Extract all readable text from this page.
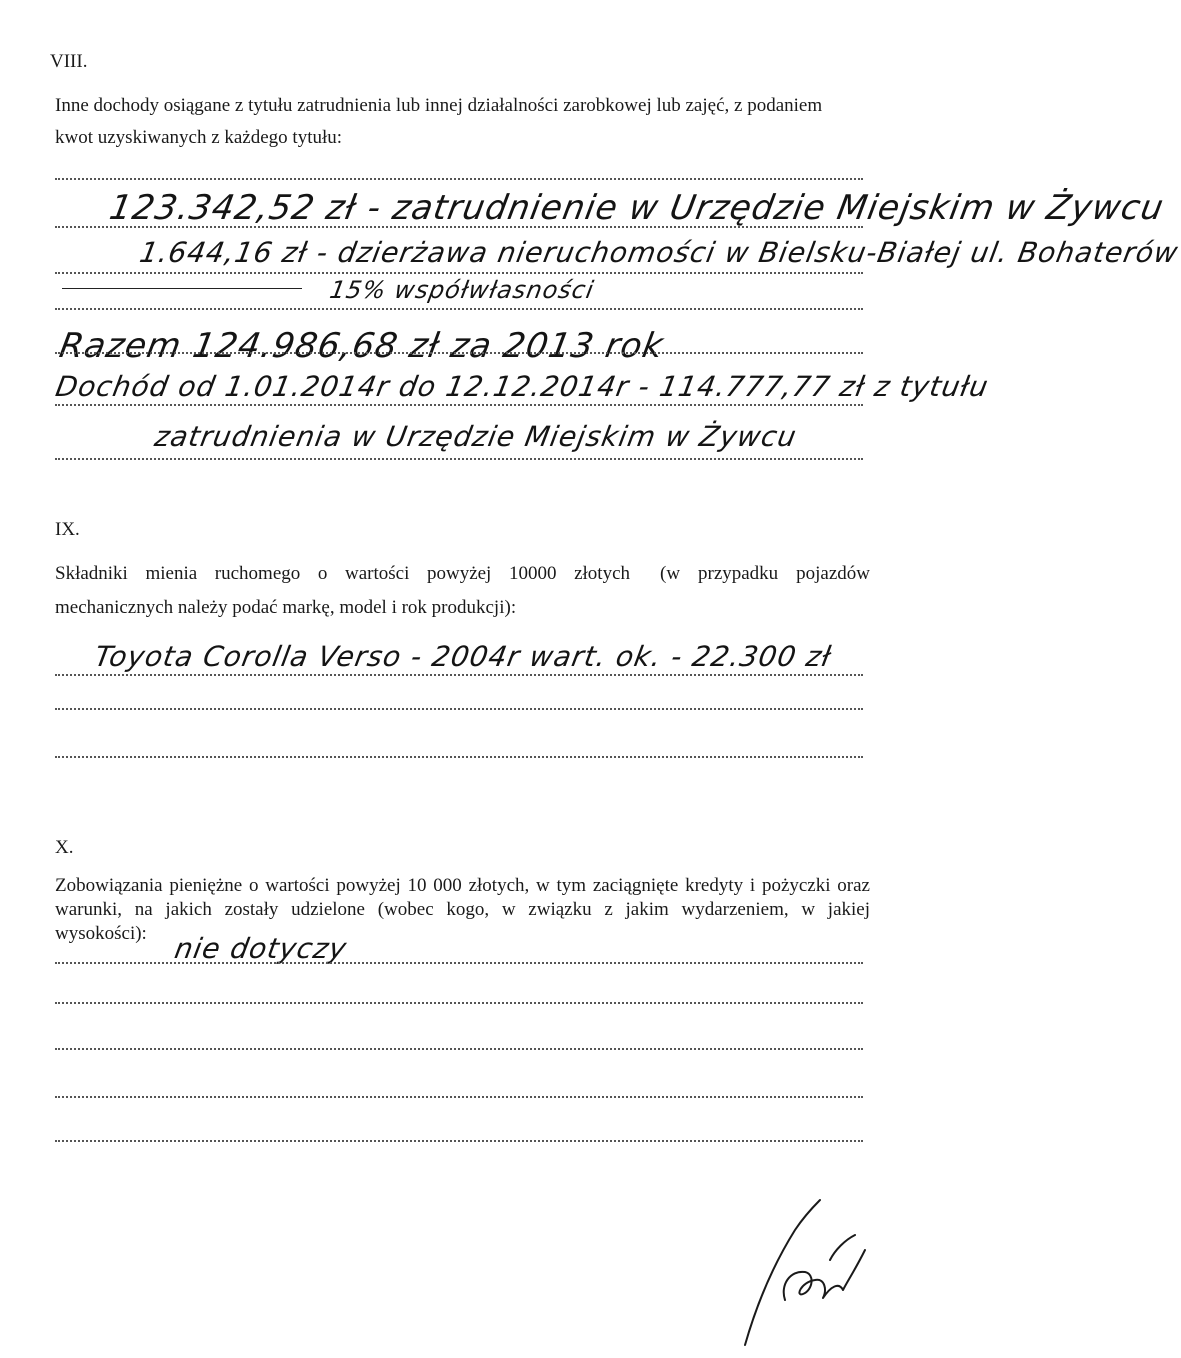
VIII.
Inne dochody osiągane z tytułu zatrudnienia lub innej działalności zarobkowej lub zajęć, z podaniem
kwot uzyskiwanych z każdego tytułu:
123.342,52 zł - zatrudnienie w Urzędzie Miejskim w Żywcu
1.644,16 zł - dzierżawa nieruchomości w Bielsku-Białej ul. Bohaterów
15% współwłasności
Razem 124.986,68 zł za 2013 rok
Dochód od 1.01.2014r do 12.12.2014r - 114.777,77 zł z tytułu
zatrudnienia w Urzędzie Miejskim w Żywcu
IX.
Składniki mienia ruchomego o wartości powyżej 10000 złotych (w przypadku pojazdów
mechanicznych należy podać markę, model i rok produkcji):
Toyota Corolla Verso - 2004r wart. ok. - 22.300 zł
X.
Zobowiązania pieniężne o wartości powyżej 10 000 złotych, w tym zaciągnięte kredyty i pożyczki oraz
warunki, na jakich zostały udzielone (wobec kogo, w związku z jakim wydarzeniem, w jakiej
wysokości): nie dotyczy
